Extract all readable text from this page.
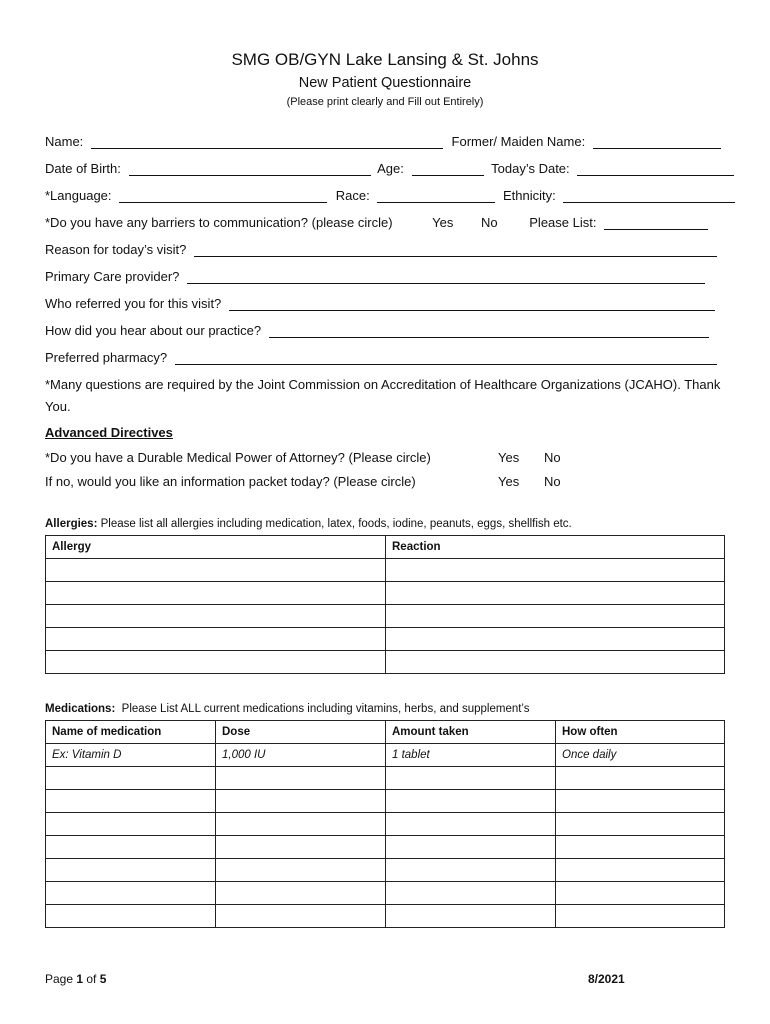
SMG OB/GYN Lake Lansing & St. Johns
New Patient Questionnaire
(Please print clearly and Fill out Entirely)
Name:	Former/ Maiden Name:
Date of Birth:	Age:	Today’s Date:
*Language:	Race:	Ethnicity:
*Do you have any barriers to communication? (please circle)	Yes No Please List:
Reason for today’s visit?
Primary Care provider?
Who referred you for this visit?
How did you hear about our practice?
Preferred pharmacy?
*Many questions are required by the Joint Commission on Accreditation of Healthcare Organizations (JCAHO). Thank You.
Advanced Directives
*Do you have a Durable Medical Power of Attorney? (Please circle)	Yes No
If no, would you like an information packet today? (Please circle)	Yes No
Allergies: Please list all allergies including medication, latex, foods, iodine, peanuts, eggs, shellfish etc.
Allergy	Reaction

Medications:  Please List ALL current medications including vitamins, herbs, and supplement’s
Name of medication	Dose	Amount taken	How often
Ex: Vitamin D	1,000 IU	1 tablet	Once daily

Page 1 of 5	8/2021
